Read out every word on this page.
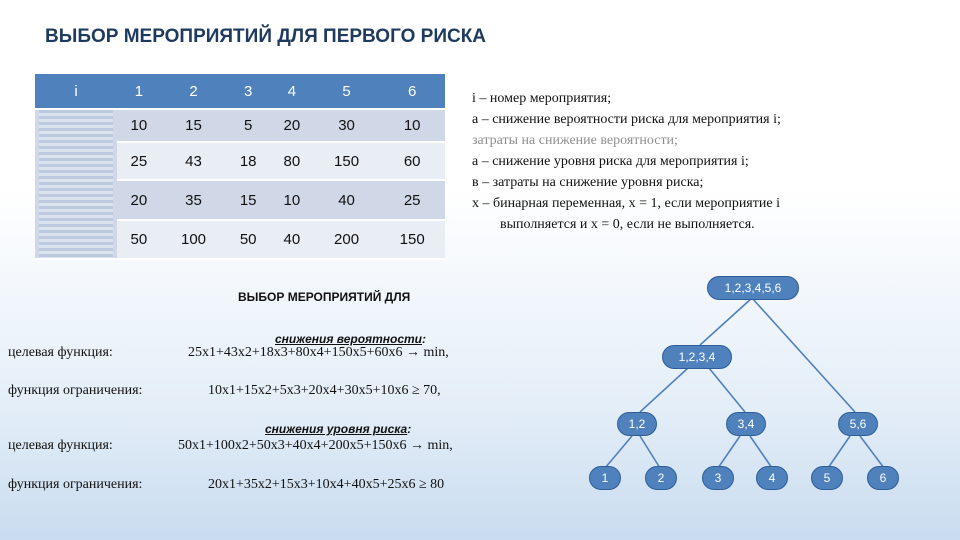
ВЫБОР МЕРОПРИЯТИЙ ДЛЯ ПЕРВОГО РИСКА
i	1	2	3	4	5	6

	10	15	5	20	30	10
	25	43	18	80	150	60
	20	35	15	10	40	25
	50	100	50	40	200	150
i – номер мероприятия;
a – снижение вероятности риска для мероприятия i;
затраты на снижение вероятности;
a – снижение уровня риска для мероприятия i;
в – затраты на снижение уровня риска;
x – бинарная переменная, x = 1, если мероприятие i
выполняется и x = 0, если не выполняется.
ВЫБОР МЕРОПРИЯТИЙ ДЛЯ
снижения вероятности:
снижения уровня риска:
целевая функция:	25x1+43x2+18x3+80x4+150x5+60x6 → min,
функция ограничения:	10x1+15x2+5x3+20x4+30x5+10x6 ≥ 70,
целевая функция:	50x1+100x2+50x3+40x4+200x5+150x6 → min,
функция ограничения:	20x1+35x2+15x3+10x4+40x5+25x6 ≥ 80
1,2,3,4,5,6
1,2,3,4
1,2	3,4	5,6
1	2	3	4	5	6
